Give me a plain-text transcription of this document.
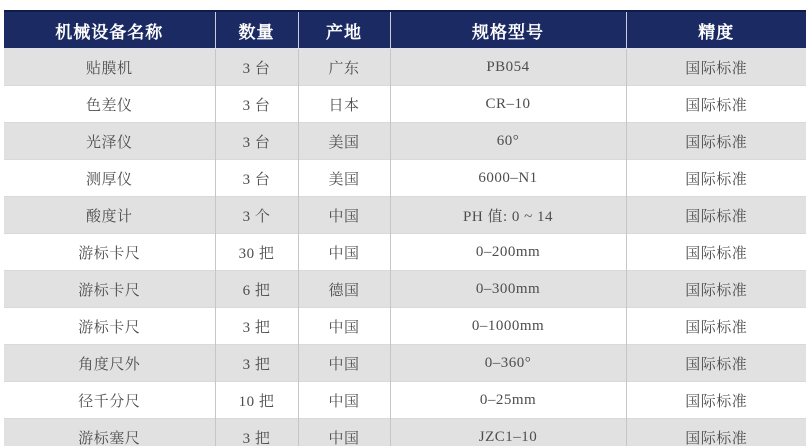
机械设备名称	数量	产地	规格型号	精度
贴膜机	3 台	广东	PB054	国际标准
色差仪	3 台	日本	CR–10	国际标准
光泽仪	3 台	美国	60°	国际标准
测厚仪	3 台	美国	6000–N1	国际标准
酸度计	3 个	中国	PH 值: 0 ~ 14	国际标准
游标卡尺	30 把	中国	0–200mm	国际标准
游标卡尺	6 把	德国	0–300mm	国际标准
游标卡尺	3 把	中国	0–1000mm	国际标准
角度尺外	3 把	中国	0–360°	国际标准
径千分尺	10 把	中国	0–25mm	国际标准
游标塞尺	3 把	中国	JZC1–10	国际标准
